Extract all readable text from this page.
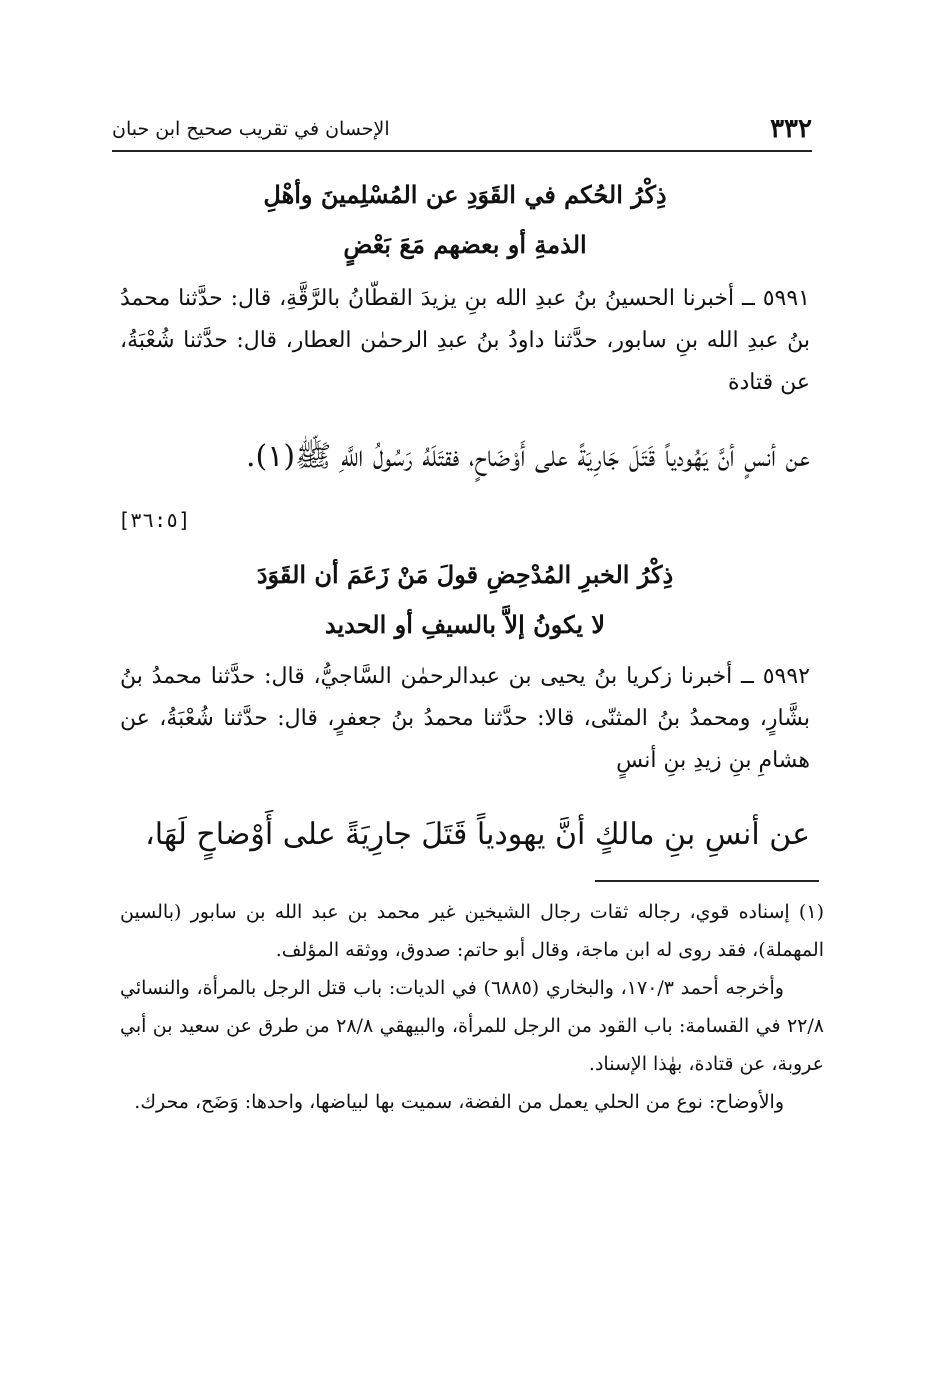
٣٣٢
الإحسان في تقريب صحيح ابن حبان

ذِكْرُ الحُكم في القَوَدِ عن المُسْلِمينَ وأهْلِ

الذمةِ أو بعضهم مَعَ بَعْضٍ

٥٩٩١ ــ أخبرنا الحسينُ بنُ عبدِ الله بنِ يزيدَ القطّانُ بالرَّقَّةِ، قال: حدَّثنا محمدُ بنُ عبدِ الله بنِ سابور، حدَّثنا داودُ بنُ عبدِ الرحمٰن العطار، قال: حدَّثنا شُعْبَةُ، عن قتادة

عن أنسٍ أنَّ يَهُودياً قَتَلَ جَارِيَةً على أَوْضَاحٍ، فقتَلَهُ رَسُولُ اللَّهِ ﷺ(١).

[٣٦:٥]

ذِكْرُ الخبرِ المُدْحِضِ قولَ مَنْ زَعَمَ أن القَوَدَ

لا يكونُ إلاَّ بالسيفِ أو الحديد

٥٩٩٢ ــ أخبرنا زكريا بنُ يحيى بن عبدالرحمٰن السَّاجيُّ، قال: حدَّثنا محمدُ بنُ بشَّارٍ، ومحمدُ بنُ المثنّى، قالا: حدَّثنا محمدُ بنُ جعفرٍ، قال: حدَّثنا شُعْبَةُ، عن هشامِ بنِ زيدِ بنِ أنسٍ

عن أنسِ بنِ مالكٍ أنَّ يهودياً قَتَلَ جارِيَةً على أَوْضاحٍ لَهَا،

(١) إسناده قوي، رجاله ثقات رجال الشيخين غير محمد بن عبد الله بن سابور (بالسين المهملة)، فقد روى له ابن ماجة، وقال أبو حاتم: صدوق، ووثقه المؤلف.

وأخرجه أحمد ١٧٠/٣، والبخاري (٦٨٨٥) في الديات: باب قتل الرجل بالمرأة، والنسائي ٢٢/٨ في القسامة: باب القود من الرجل للمرأة، والبيهقي ٢٨/٨ من طرق عن سعيد بن أبي عروبة، عن قتادة، بهٰذا الإسناد.

والأوضاح: نوع من الحلي يعمل من الفضة، سميت بها لبياضها، واحدها: وَضَح، محرك.
